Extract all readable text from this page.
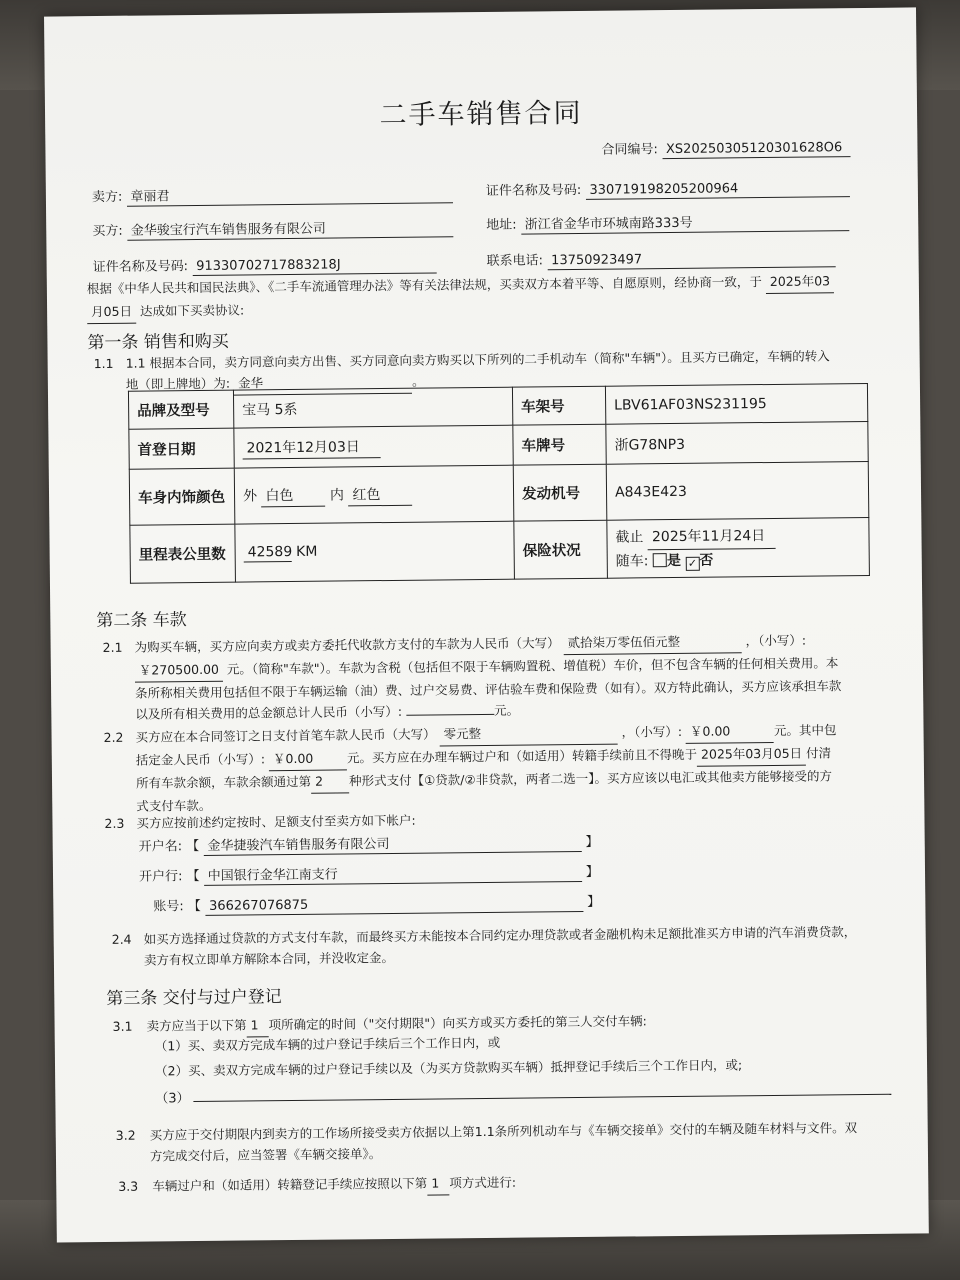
二手车销售合同
合同编号: XS20250305120301628O6
卖方: 章丽君	证件名称及号码: 330719198205200964
买方: 金华骏宝行汽车销售服务有限公司	地址: 浙江省金华市环城南路333号
证件名称及号码: 91330702717883218J	联系电话: 13750923497
根据《中华人民共和国民法典》、《二手车流通管理办法》等有关法律法规，买卖双方本着平等、自愿原则，经协商一致，于 2025年03
月05日 达成如下买卖协议:
第一条 销售和购买
1.1 1.1 根据本合同，卖方同意向卖方出售、买方同意向卖方购买以下所列的二手机动车（简称"车辆"）。且买方已确定，车辆的转入
地（即上牌地）为: 金华	。
品牌及型号	宝马 5系	车架号	LBV61AF03NS231195
首登日期	2021年12月03日	车牌号	浙G78NP3
车身内饰颜色	外 白色 内 红色	发动机号	A843E423
里程表公里数	42589 KM	保险状况	截止 2025年11月24日
随车: 是 ✓ 否
第二条 车款
2.1 为购买车辆，买方应向卖方或卖方委托代收款方支付的车款为人民币（大写） 贰拾柒万零伍佰元整	，（小写）:
￥270500.00 元。（简称"车款"）。车款为含税（包括但不限于车辆购置税、增值税）车价，但不包含车辆的任何相关费用。本
条所称相关费用包括但不限于车辆运输（油）费、过户交易费、评估验车费和保险费（如有）。双方特此确认，买方应该承担车款
以及所有相关费用的总金额总计人民币（小写）:	元。
2.2 买方应在本合同签订之日支付首笔车款人民币（大写） 零元整	，（小写）: ￥0.00	元。其中包
括定金人民币（小写）: ￥0.00	元。买方应在办理车辆过户和（如适用）转籍手续前且不得晚于 2025年03月05日 付清
所有车款余额，车款余额通过第 2 种形式支付【①贷款/②非贷款，两者二选一】。买方应该以电汇或其他卖方能够接受的方
式支付车款。
2.3 买方应按前述约定按时、足额支付至卖方如下帐户:
开户名: 【 金华捷骏汽车销售服务有限公司	】
开户行: 【 中国银行金华江南支行	】
账号: 【 366267076875	】
2.4 如买方选择通过贷款的方式支付车款，而最终买方未能按本合同约定办理贷款或者金融机构未足额批准买方申请的汽车消费贷款，
卖方有权立即单方解除本合同，并没收定金。
第三条 交付与过户登记
3.1 卖方应当于以下第 1 项所确定的时间（"交付期限"）向买方或买方委托的第三人交付车辆:
（1）买、卖双方完成车辆的过户登记手续后三个工作日内，或
（2）买、卖双方完成车辆的过户登记手续以及（为买方贷款购买车辆）抵押登记手续后三个工作日内，或;
（3）
3.2 买方应于交付期限内到卖方的工作场所接受卖方依据以上第1.1条所列机动车与《车辆交接单》交付的车辆及随车材料与文件。双
方完成交付后，应当签署《车辆交接单》。
3.3 车辆过户和（如适用）转籍登记手续应按照以下第 1 项方式进行:
